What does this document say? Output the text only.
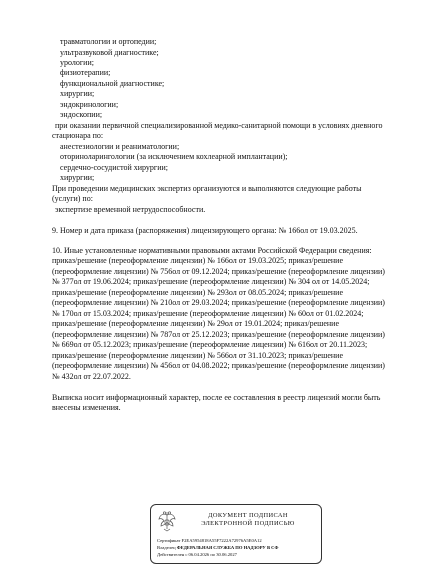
травматологии и ортопедии;
ультразвуковой диагностике;
урологии;
физиотерапии;
функциональной диагностике;
хирургии;
эндокринологии;
эндоскопии;
при оказании первичной специализированной медико-санитарной помощи в условиях дневного
стационара по:
анестезиологии и реаниматологии;
оториноларингологии (за исключением кохлеарной имплантации);
сердечно-сосудистой хирургии;
хирургии;
При проведении медицинских экспертиз организуются и выполняются следующие работы
(услуги) по:
экспертизе временной нетрудоспособности.
9. Номер и дата приказа (распоряжения) лицензирующего органа: № 166ол от 19.03.2025.
10. Иные установленные нормативными правовыми актами Российской Федерации сведения:
приказ/решение (переоформление лицензии) № 166ол от 19.03.2025; приказ/решение
(переоформление лицензии) № 756ол от 09.12.2024; приказ/решение (переоформление лицензии)
№ 377ол от 19.06.2024; приказ/решение (переоформление лицензии) № 304 ол от 14.05.2024;
приказ/решение (переоформление лицензии) № 293ол от 08.05.2024; приказ/решение
(переоформление лицензии) № 210ол от 29.03.2024; приказ/решение (переоформление лицензии)
№ 170ол от 15.03.2024; приказ/решение (переоформление лицензии) № 60ол от 01.02.2024;
приказ/решение (переоформление лицензии) № 29ол от 19.01.2024; приказ/решение
(переоформление лицензии) № 787ол от 25.12.2023; приказ/решение (переоформление лицензии)
№ 669ол от 05.12.2023; приказ/решение (переоформление лицензии) № 616ол от 20.11.2023;
приказ/решение (переоформление лицензии) № 566ол от 31.10.2023; приказ/решение
(переоформление лицензии) № 456ол от 04.08.2022; приказ/решение (переоформление лицензии)
№ 432ол от 22.07.2022.
Выписка носит информационный характер, после ее составления в реестр лицензий могли быть
внесены изменения.
ДОКУМЕНТ ПОДПИСАН
ЭЛЕКТРОННОЙ ПОДПИСЬЮ
Сертификат F2EA5954818A55F7222A72976A5E0A12
Владелец ФЕДЕРАЛЬНАЯ СЛУЖБА ПО НАДЗОРУ В СФ
Действителен с 06.04.2026 по 30.06.2027
